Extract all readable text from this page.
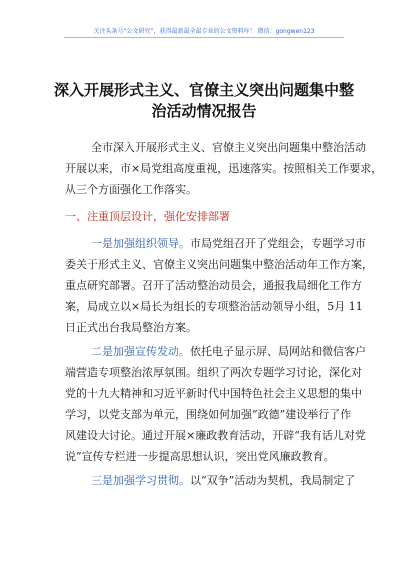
关注头条号“公文研究”，获得最新最全最专业的公文资料库！ 微信：gongwen123
深入开展形式主义、官僚主义突出问题集中整
治活动情况报告
全市深入开展形式主义、官僚主义突出问题集中整治活动
开展以来，市×局党组高度重视，迅速落实。按照相关工作要求，
从三个方面强化工作落实。
一、注重顶层设计，强化安排部署
一是加强组织领导。市局党组召开了党组会，专题学习市
委关于形式主义、官僚主义突出问题集中整治活动年工作方案，
重点研究部署。召开了活动整治动员会，通报我局细化工作方
案，局成立以×局长为组长的专项整治活动领导小组，5月 11
日正式出台我局整治方案。
二是加强宣传发动。依托电子显示屏、局网站和微信客户
端营造专项整治浓厚氛围。组织了两次专题学习讨论，深化对
党的十九大精神和习近平新时代中国特色社会主义思想的集中
学习，以党支部为单元，围绕如何加强“政德”建设举行了作
风建设大讨论。通过开展×廉政教育活动，开辟“我有话儿对党
说”宣传专栏进一步提高思想认识，突出党风廉政教育。
三是加强学习贯彻。以“双争”活动为契机，我局制定了
